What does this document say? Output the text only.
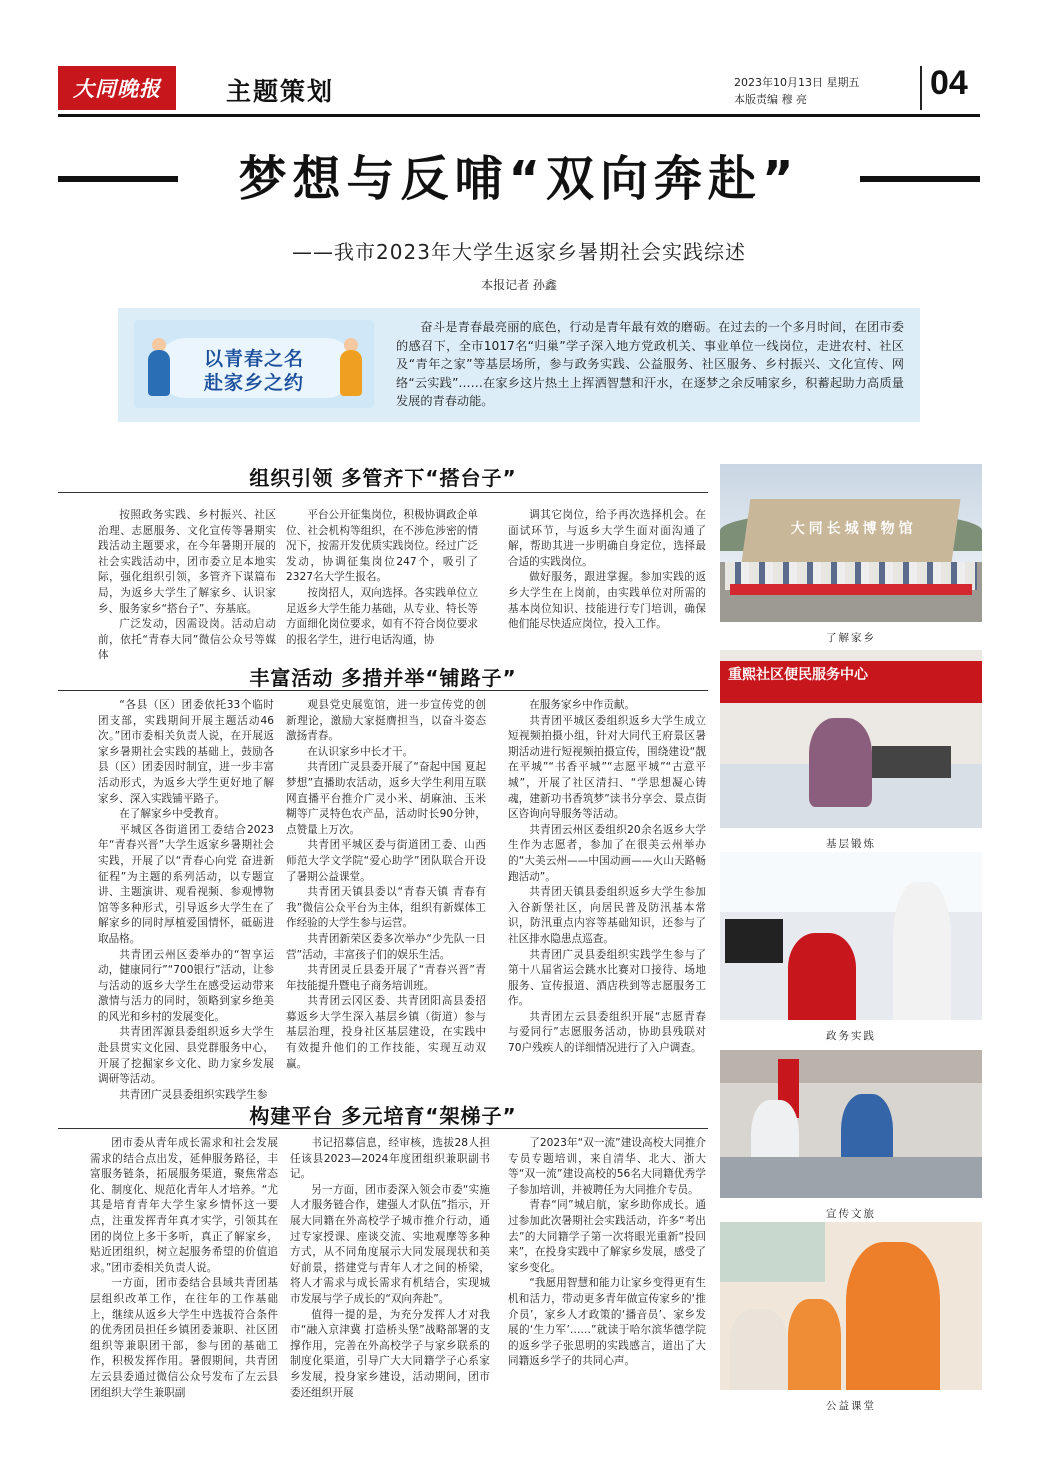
大同晚报	主题策划	2023年10月13日 星期五
本版责编 穆 亮	04
梦想与反哺“双向奔赴”
——我市2023年大学生返家乡暑期社会实践综述
本报记者 孙鑫
以青春之名
赴家乡之约
奋斗是青春最亮丽的底色，行动是青年最有效的磨砺。在过去的一个多月时间，在团市委的感召下，全市1017名“归巢”学子深入地方党政机关、事业单位一线岗位，走进农村、社区及“青年之家”等基层场所，参与政务实践、公益服务、社区服务、乡村振兴、文化宣传、网络“云实践”……在家乡这片热土上挥洒智慧和汗水，在逐梦之余反哺家乡，积蓄起助力高质量发展的青春动能。
组织引领 多管齐下“搭台子”

按照政务实践、乡村振兴、社区治理、志愿服务、文化宣传等暑期实践活动主题要求，在今年暑期开展的社会实践活动中，团市委立足本地实际，强化组织引领，多管齐下谋篇布局，为返乡大学生了解家乡、认识家乡、服务家乡“搭台子”、夯基底。

广泛发动，因需设岗。活动启动前，依托“青春大同”微信公众号等媒体

平台公开征集岗位，积极协调政企单位、社会机构等组织，在不涉危涉密的情况下，按需开发优质实践岗位。经过广泛发动，协调征集岗位247个，吸引了2327名大学生报名。

按岗招人，双向选择。各实践单位立足返乡大学生能力基础，从专业、特长等方面细化岗位要求，如有不符合岗位要求的报名学生，进行电话沟通，协

调其它岗位，给予再次选择机会。在面试环节，与返乡大学生面对面沟通了解，帮助其进一步明确自身定位，选择最合适的实践岗位。

做好服务，跟进掌握。参加实践的返乡大学生在上岗前，由实践单位对所需的基本岗位知识、技能进行专门培训，确保他们能尽快适应岗位，投入工作。

丰富活动 多措并举“铺路子”

“各县（区）团委依托33个临时团支部，实践期间开展主题活动46次。”团市委相关负责人说，在开展返家乡暑期社会实践的基础上，鼓励各县（区）团委因时制宜，进一步丰富活动形式，为返乡大学生更好地了解家乡、深入实践铺平路子。

在了解家乡中受教育。

平城区各街道团工委结合2023年“青春兴晋”大学生返家乡暑期社会实践，开展了以“青春心向党 奋进新征程”为主题的系列活动，以专题宣讲、主题演讲、观看视频、参观博物馆等多种形式，引导返乡大学生在了解家乡的同时厚植爱国情怀，砥砺进取品格。

共青团云州区委举办的“智享运动，健康同行”“700银行”活动，让参与活动的返乡大学生在感受运动带来激情与活力的同时，领略到家乡绝美的风光和乡村的发展变化。

共青团浑源县委组织返乡大学生赴县贯实文化园、县党群服务中心，开展了挖掘家乡文化、助力家乡发展调研等活动。

共青团广灵县委组织实践学生参

观县党史展览馆，进一步宣传党的创新理论，激励大家挺膺担当，以奋斗姿态激扬青春。

在认识家乡中长才干。

共青团广灵县委开展了“奋起中国 夏起梦想”直播助农活动，返乡大学生利用互联网直播平台推介广灵小米、胡麻油、玉米糊等广灵特色农产品，活动时长90分钟，点赞量上万次。

共青团平城区委与街道团工委、山西师范大学文学院“爱心助学”团队联合开设了暑期公益课堂。

共青团天镇县委以“青春天镇 青春有我”微信公众平台为主体，组织有新媒体工作经验的大学生参与运营。

共青团新荣区委多次举办“少先队一日营”活动，丰富孩子们的娱乐生活。

共青团灵丘县委开展了“青春兴晋”青年技能提升暨电子商务培训班。

共青团云冈区委、共青团阳高县委招募返乡大学生深入基层乡镇（街道）参与基层治理，投身社区基层建设，在实践中有效提升他们的工作技能，实现互动双赢。

在服务家乡中作贡献。

共青团平城区委组织返乡大学生成立短视频拍摄小组，针对大同代王府景区暑期活动进行短视频拍摄宣传，围绕建设“靓在平城”“书香平城”“志愿平城”“古意平城”，开展了社区清扫、“学思想凝心铸魂，建新功书香筑梦”读书分享会、景点街区咨询向导服务等活动。

共青团云州区委组织20余名返乡大学生作为志愿者，参加了在很美云州举办的“大美云州——中国动画——火山天路畅跑活动”。

共青团天镇县委组织返乡大学生参加入谷新堡社区，向居民普及防汛基本常识，防汛重点内容等基础知识，还参与了社区排水隐患点巡查。

共青团广灵县委组织实践学生参与了第十八届省运会跳水比赛对口接待、场地服务、宣传报道、酒店秩到等志愿服务工作。

共青团左云县委组织开展“志愿青春 与爱同行”志愿服务活动，协助县残联对70户残疾人的详细情况进行了入户调查。

构建平台 多元培育“架梯子”

团市委从青年成长需求和社会发展需求的结合点出发，延伸服务路径，丰富服务链条，拓展服务渠道，聚焦常态化、制度化、规范化青年人才培养。“尤其是培育青年大学生家乡情怀这一要点，注重发挥青年真才实学，引领其在团的岗位上多干多听，真正了解家乡，贴近团组织，树立起服务希望的价值追求。”团市委相关负责人说。

一方面，团市委结合县域共青团基层组织改革工作，在往年的工作基础上，继续从返乡大学生中选拔符合条件的优秀团员担任乡镇团委兼职、社区团组织等兼职团干部，参与团的基础工作，积极发挥作用。暑假期间，共青团左云县委通过微信公众号发布了左云县团组织大学生兼职副

书记招募信息，经审核，选拔28人担任该县2023—2024年度团组织兼职副书记。

另一方面，团市委深入领会市委“实施人才服务链合作，建强人才队伍”指示，开展大同籍在外高校学子城市推介行动，通过专家授课、座谈交流、实地观摩等多种方式，从不同角度展示大同发展现状和美好前景，搭建党与青年人才之间的桥梁，将人才需求与成长需求有机结合，实现城市发展与学子成长的“双向奔赴”。

值得一提的是，为充分发挥人才对我市“融入京津冀 打造桥头堡”战略部署的支撑作用，完善在外高校学子与家乡联系的制度化渠道，引导广大大同籍学子心系家乡发展，投身家乡建设，活动期间，团市委还组织开展

了2023年“双一流”建设高校大同推介专员专题培训，来自清华、北大、浙大等“双一流”建设高校的56名大同籍优秀学子参加培训，并被聘任为大同推介专员。

青春“同”城启航，家乡助你成长。通过参加此次暑期社会实践活动，许多“考出去”的大同籍学子第一次将眼光重新“投回来”，在投身实践中了解家乡发展，感受了家乡变化。

“我愿用智慧和能力让家乡变得更有生机和活力，带动更多青年做宣传家乡的‘推介员’，家乡人才政策的‘播音员’、家乡发展的‘生力军’……”就读于哈尔滨华德学院的返乡学子张思明的实践感言，道出了大同籍返乡学子的共同心声。

大同长城博物馆
了解家乡
重熙社区便民服务中心
基层锻炼
政务实践
宣传文旅
公益课堂
